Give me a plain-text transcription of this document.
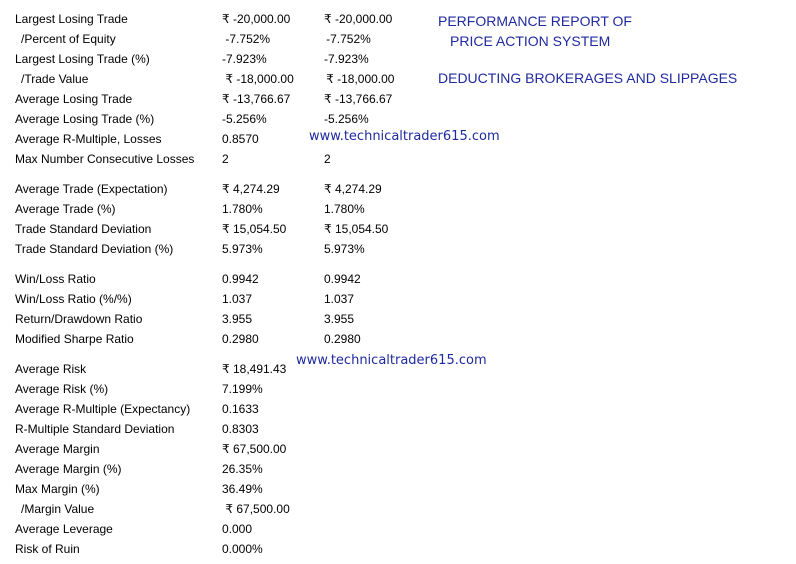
PERFORMANCE REPORT OF
PRICE ACTION SYSTEM
DEDUCTING BROKERAGES AND SLIPPAGES
www.technicaltrader615.com
www.technicaltrader615.com
Largest Losing Trade	₹ -20,000.00	₹ -20,000.00
/Percent of Equity	-7.752%	-7.752%
Largest Losing Trade (%)	-7.923%	-7.923%
/Trade Value	₹ -18,000.00	₹ -18,000.00
Average Losing Trade	₹ -13,766.67	₹ -13,766.67
Average Losing Trade (%)	-5.256%	-5.256%
Average R-Multiple, Losses	0.8570
Max Number Consecutive Losses	2	2
Average Trade (Expectation)	₹ 4,274.29	₹ 4,274.29
Average Trade (%)	1.780%	1.780%
Trade Standard Deviation	₹ 15,054.50	₹ 15,054.50
Trade Standard Deviation (%)	5.973%	5.973%
Win/Loss Ratio	0.9942	0.9942
Win/Loss Ratio (%/%)	1.037	1.037
Return/Drawdown Ratio	3.955	3.955
Modified Sharpe Ratio	0.2980	0.2980
Average Risk	₹ 18,491.43
Average Risk (%)	7.199%
Average R-Multiple (Expectancy)	0.1633
R-Multiple Standard Deviation	0.8303
Average Margin	₹ 67,500.00
Average Margin (%)	26.35%
Max Margin (%)	36.49%
/Margin Value	₹ 67,500.00
Average Leverage	0.000
Risk of Ruin	0.000%
